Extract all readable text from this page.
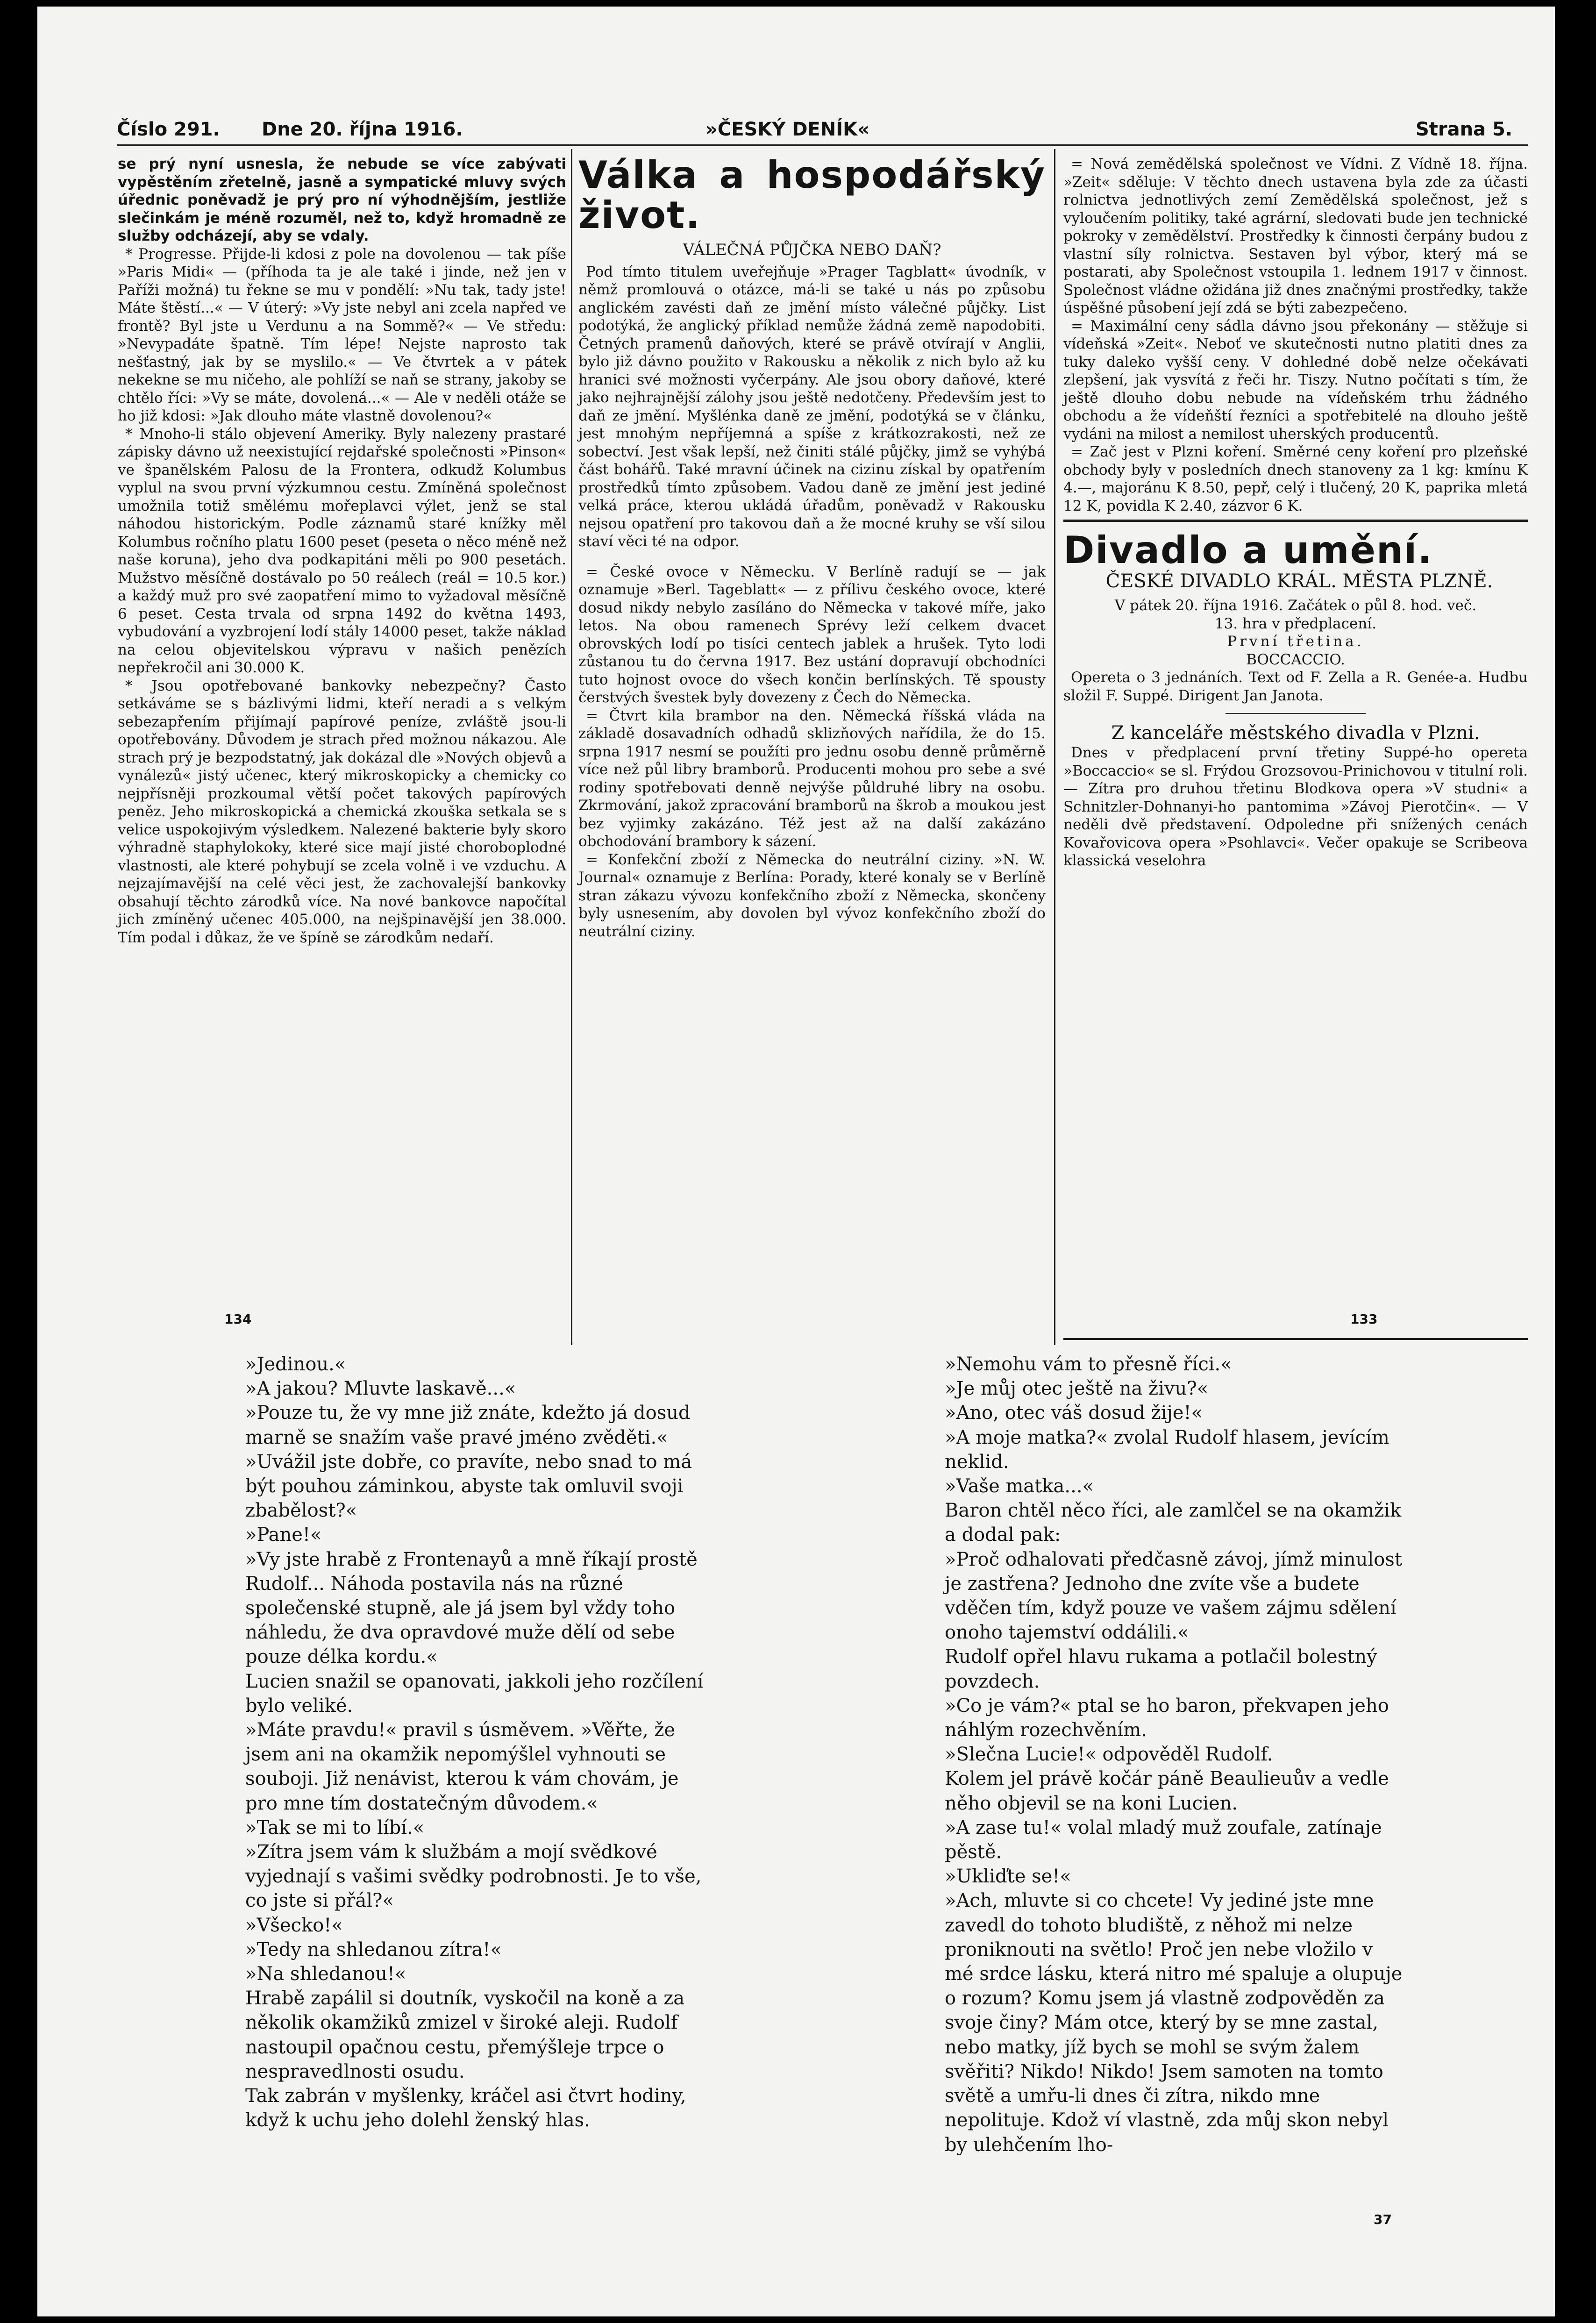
Číslo 291. Dne 20. října 1916.	»ČESKÝ DENÍK«	Strana 5.

se prý nyní usnesla, že nebude se více zabývati vypěstěním zřetelně, jasně a sympatické mluvy svých úřednic poněvadž je prý pro ní výhodnějším, jestliže slečinkám je méně rozuměl, než to, když hromadně ze služby odcházejí, aby se vdaly.

* Progresse. Přijde-li kdosi z pole na dovolenou — tak píše »Paris Midi« — (příhoda ta je ale také i jinde, než jen v Paříži možná) tu řekne se mu v pondělí: »Nu tak, tady jste! Máte štěstí...« — V úterý: »Vy jste nebyl ani zcela napřed ve frontě? Byl jste u Verdunu a na Sommě?« — Ve středu: »Nevypadáte špatně. Tím lépe! Nejste naprosto tak nešťastný, jak by se myslilo.« — Ve čtvrtek a v pátek nekekne se mu ničeho, ale pohlíží se naň se strany, jakoby se chtělo říci: »Vy se máte, dovolená...« — Ale v neděli otáže se ho již kdosi: »Jak dlouho máte vlastně dovolenou?«

* Mnoho-li stálo objevení Ameriky. Byly nalezeny prastaré zápisky dávno už neexistující rejdařské společnosti »Pinson« ve španělském Palosu de la Frontera, odkudž Kolumbus vyplul na svou první výzkumnou cestu. Zmíněná společnost umožnila totiž smělému mořeplavci výlet, jenž se stal náhodou historickým. Podle záznamů staré knížky měl Kolumbus ročního platu 1600 peset (peseta o něco méně než naše koruna), jeho dva podkapitáni měli po 900 pesetách. Mužstvo měsíčně dostávalo po 50 reálech (reál = 10.5 kor.) a každý muž pro své zaopatření mimo to vyžadoval měsíčně 6 peset. Cesta trvala od srpna 1492 do května 1493, vybudování a vyzbrojení lodí stály 14000 peset, takže náklad na celou objevitelskou výpravu v našich penězích nepřekročil ani 30.000 K.

* Jsou opotřebované bankovky nebezpečny? Často setkáváme se s bázlivými lidmi, kteří neradi a s velkým sebezapřením přijímají papírové peníze, zvláště jsou-li opotřebovány. Důvodem je strach před možnou nákazou. Ale strach prý je bezpodstatný, jak dokázal dle »Nových objevů a vynálezů« jistý učenec, který mikroskopicky a chemicky co nejpřísněji prozkoumal větší počet takových papírových peněz. Jeho mikroskopická a chemická zkouška setkala se s velice uspokojivým výsledkem. Nalezené bakterie byly skoro výhradně staphylokoky, které sice mají jisté choroboplodné vlastnosti, ale které pohybují se zcela volně i ve vzduchu. A nejzajímavější na celé věci jest, že zachovalejší bankovky obsahují těchto zárodků více. Na nové bankovce napočítal jich zmíněný učenec 405.000, na nejšpinavější jen 38.000. Tím podal i důkaz, že ve špíně se zárodkům nedaří.

Válka a hospodářský život.

VÁLEČNÁ PŮJČKA NEBO DAŇ?

Pod tímto titulem uveřejňuje »Prager Tagblatt« úvodník, v němž promlouvá o otázce, má-li se také u nás po způsobu anglickém zavésti daň ze jmění místo válečné půjčky. List podotýká, že anglický příklad nemůže žádná země napodobiti. Četných pramenů daňových, které se právě otvírají v Anglii, bylo již dávno použito v Rakousku a několik z nich bylo až ku hranici své možnosti vyčerpány. Ale jsou obory daňové, které jako nejhrajnější zálohy jsou ještě nedotčeny. Především jest to daň ze jmění. Myšlénka daně ze jmění, podotýká se v článku, jest mnohým nepříjemná a spíše z krátkozrakosti, než ze sobectví. Jest však lepší, než činiti stálé půjčky, jimž se vyhýbá část bohářů. Také mravní účinek na cizinu získal by opatřením prostředků tímto způsobem. Vadou daně ze jmění jest jediné velká práce, kterou ukládá úřadům, poněvadž v Rakousku nejsou opatření pro takovou daň a že mocné kruhy se vší silou staví věci té na odpor.

= České ovoce v Německu. V Berlíně radují se — jak oznamuje »Berl. Tageblatt« — z přílivu českého ovoce, které dosud nikdy nebylo zasíláno do Německa v takové míře, jako letos. Na obou ramenech Sprévy leží celkem dvacet obrovských lodí po tisíci centech jablek a hrušek. Tyto lodi zůstanou tu do června 1917. Bez ustání dopravují obchodníci tuto hojnost ovoce do všech končin berlínských. Tě spousty čerstvých švestek byly dovezeny z Čech do Německa.

= Čtvrt kila brambor na den. Německá říšská vláda na základě dosavadních odhadů sklizňových nařídila, že do 15. srpna 1917 nesmí se použíti pro jednu osobu denně průměrně více než půl libry bramborů. Producenti mohou pro sebe a své rodiny spotřebovati denně nejvýše půldruhé libry na osobu. Zkrmování, jakož zpracování bramborů na škrob a moukou jest bez vyjimky zakázáno. Též jest až na další zakázáno obchodování brambory k sázení.

= Konfekční zboží z Německa do neutrální ciziny. »N. W. Journal« oznamuje z Berlína: Porady, které konaly se v Berlíně stran zákazu vývozu konfekčního zboží z Německa, skončeny byly usnesením, aby dovolen byl vývoz konfekčního zboží do neutrální ciziny.

= Nová zemědělská společnost ve Vídni. Z Vídně 18. října. »Zeit« sděluje: V těchto dnech ustavena byla zde za účasti rolnictva jednotlivých zemí Zemědělská společnost, jež s vyloučením politiky, také agrární, sledovati bude jen technické pokroky v zemědělství. Prostředky k činnosti čerpány budou z vlastní síly rolnictva. Sestaven byl výbor, který má se postarati, aby Společnost vstoupila 1. lednem 1917 v činnost. Společnost vládne ožidána již dnes značnými prostředky, takže úspěšné působení její zdá se býti zabezpečeno.

= Maximální ceny sádla dávno jsou překonány — stěžuje si vídeňská »Zeit«. Neboť ve skutečnosti nutno platiti dnes za tuky daleko vyšší ceny. V dohledné době nelze očekávati zlepšení, jak vysvítá z řeči hr. Tiszy. Nutno počítati s tím, že ještě dlouho dobu nebude na vídeňském trhu žádného obchodu a že vídeňští řezníci a spotřebitelé na dlouho ještě vydáni na milost a nemilost uherských producentů.

= Zač jest v Plzni koření. Směrné ceny koření pro plzeňské obchody byly v posledních dnech stanoveny za 1 kg: kmínu K 4.—, majoránu K 8.50, pepř, celý i tlučený, 20 K, paprika mletá 12 K, povidla K 2.40, zázvor 6 K.

Divadlo a umění.

ČESKÉ DIVADLO KRÁL. MĚSTA PLZNĚ.

V pátek 20. října 1916. Začátek o půl 8. hod. več.

13. hra v předplacení.

První třetina.

BOCCACCIO.

Opereta o 3 jednáních. Text od F. Zella a R. Genée-a. Hudbu složil F. Suppé. Dirigent Jan Janota.

Z kanceláře městského divadla v Plzni.

Dnes v předplacení první třetiny Suppé-ho opereta »Boccaccio« se sl. Frýdou Grozsovou-Prinichovou v titulní roli. — Zítra pro druhou třetinu Blodkova opera »V studni« a Schnitzler-Dohnanyi-ho pantomima »Závoj Pierotčin«. — V neděli dvě představení. Odpoledne při snížených cenách Kovařovicova opera »Psohlavci«. Večer opakuje se Scribeova klassická veselohra

134	133

»Jedinou.«

»A jakou? Mluvte laskavě...«

»Pouze tu, že vy mne již znáte, kdežto já dosud marně se snažím vaše pravé jméno zvěděti.«

»Uvážil jste dobře, co pravíte, nebo snad to má být pouhou záminkou, abyste tak omluvil svoji zbabělost?«

»Pane!«

»Vy jste hrabě z Frontenayů a mně říkají prostě Rudolf... Náhoda postavila nás na různé společenské stupně, ale já jsem byl vždy toho náhledu, že dva opravdové muže dělí od sebe pouze délka kordu.«

Lucien snažil se opanovati, jakkoli jeho rozčílení bylo veliké.

»Máte pravdu!« pravil s úsměvem. »Věřte, že jsem ani na okamžik nepomýšlel vyhnouti se souboji. Již nenávist, kterou k vám chovám, je pro mne tím dostatečným důvodem.«

»Tak se mi to líbí.«

»Zítra jsem vám k službám a mojí svědkové vyjednají s vašimi svědky podrobnosti. Je to vše, co jste si přál?«

»Všecko!«

»Tedy na shledanou zítra!«

»Na shledanou!«

Hrabě zapálil si doutník, vyskočil na koně a za několik okamžiků zmizel v široké aleji. Rudolf nastoupil opačnou cestu, přemýšleje trpce o nespravedlnosti osudu.

Tak zabrán v myšlenky, kráčel asi čtvrt hodiny, když k uchu jeho dolehl ženský hlas.

»Nemohu vám to přesně říci.«

»Je můj otec ještě na živu?«

»Ano, otec váš dosud žije!«

»A moje matka?« zvolal Rudolf hlasem, jevícím neklid.

»Vaše matka...«

Baron chtěl něco říci, ale zamlčel se na okamžik a dodal pak:

»Proč odhalovati předčasně závoj, jímž minulost je zastřena? Jednoho dne zvíte vše a budete vděčen tím, když pouze ve vašem zájmu sdělení onoho tajemství oddálili.«

Rudolf opřel hlavu rukama a potlačil bolestný povzdech.

»Co je vám?« ptal se ho baron, překvapen jeho náhlým rozechvěním.

»Slečna Lucie!« odpověděl Rudolf.

Kolem jel právě kočár páně Beaulieuův a vedle něho objevil se na koni Lucien.

»A zase tu!« volal mladý muž zoufale, zatínaje pěstě.

»Ukliďte se!«

»Ach, mluvte si co chcete! Vy jediné jste mne zavedl do tohoto bludiště, z něhož mi nelze proniknouti na světlo! Proč jen nebe vložilo v mé srdce lásku, která nitro mé spaluje a olupuje o rozum? Komu jsem já vlastně zodpověděn za svoje činy? Mám otce, který by se mne zastal, nebo matky, jíž bych se mohl se svým žalem svěřiti? Nikdo! Nikdo! Jsem samoten na tomto světě a umřu-li dnes či zítra, nikdo mne nepolituje. Kdož ví vlastně, zda můj skon nebyl by ulehčením lho-

37
